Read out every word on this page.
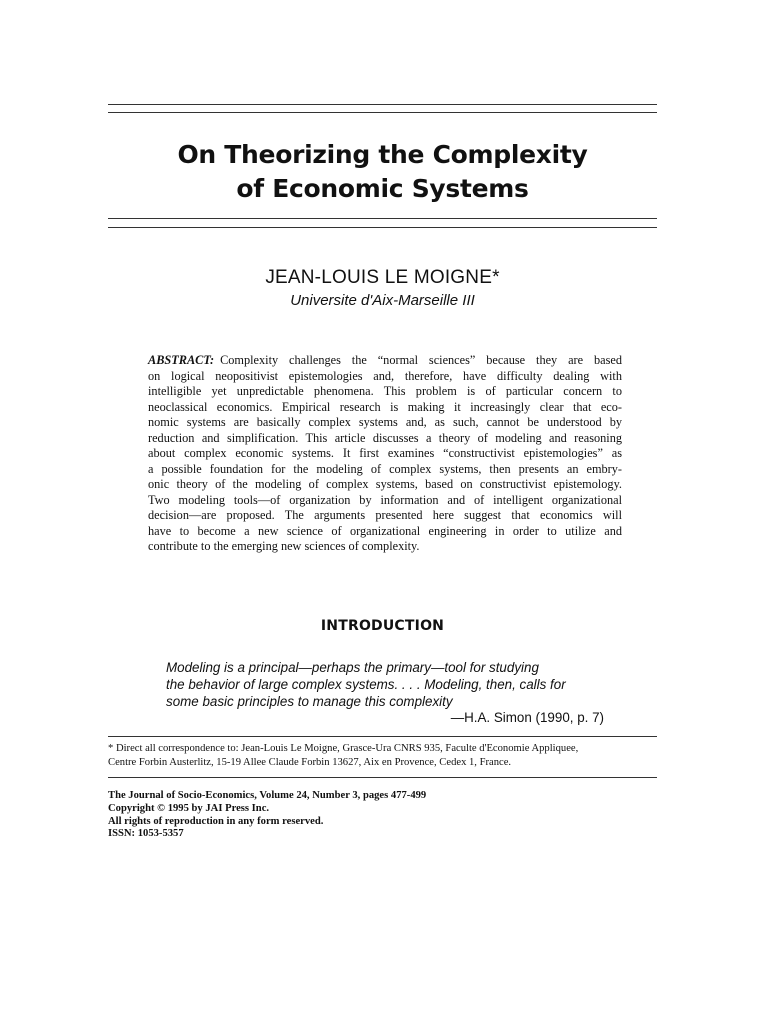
On Theorizing the Complexity
of Economic Systems
JEAN-LOUIS LE MOIGNE*
Universite d'Aix-Marseille III
ABSTRACT: Complexity challenges the “normal sciences” because they are based
on logical neopositivist epistemologies and, therefore, have difficulty dealing with
intelligible yet unpredictable phenomena. This problem is of particular concern to
neoclassical economics. Empirical research is making it increasingly clear that eco-
nomic systems are basically complex systems and, as such, cannot be understood by
reduction and simplification. This article discusses a theory of modeling and reasoning
about complex economic systems. It first examines “constructivist epistemologies” as
a possible foundation for the modeling of complex systems, then presents an embry-
onic theory of the modeling of complex systems, based on constructivist epistemology.
Two modeling tools—of organization by information and of intelligent organizational
decision—are proposed. The arguments presented here suggest that economics will
have to become a new science of organizational engineering in order to utilize and
contribute to the emerging new sciences of complexity.
INTRODUCTION
Modeling is a principal—perhaps the primary—tool for studying
the behavior of large complex systems. . . . Modeling, then, calls for
some basic principles to manage this complexity
—H.A. Simon (1990, p. 7)
* Direct all correspondence to: Jean-Louis Le Moigne, Grasce-Ura CNRS 935, Faculte d'Economie Appliquee,
Centre Forbin Austerlitz, 15-19 Allee Claude Forbin 13627, Aix en Provence, Cedex 1, France.
The Journal of Socio-Economics, Volume 24, Number 3, pages 477-499
Copyright © 1995 by JAI Press Inc.
All rights of reproduction in any form reserved.
ISSN: 1053-5357
